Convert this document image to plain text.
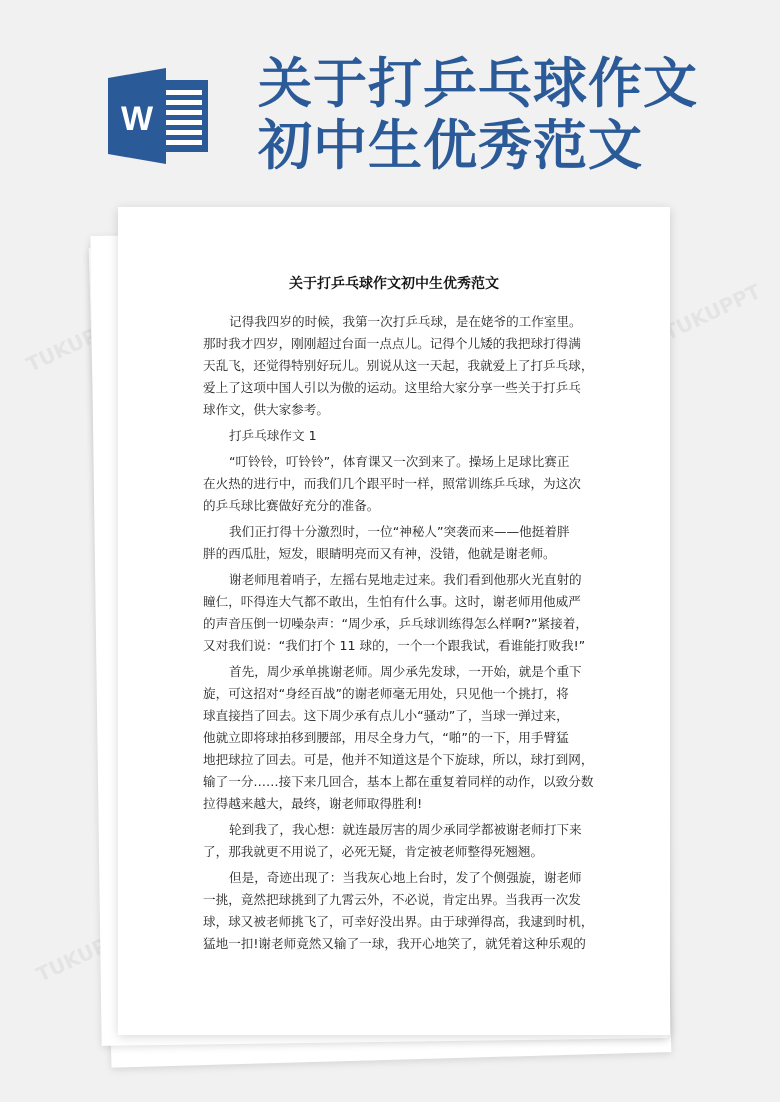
W
关于打乒乓球作文
初中生优秀范文
TUKUPPT
关于打乒乓球作文初中生优秀范文
记得我四岁的时候，我第一次打乒乓球，是在姥爷的工作室里。
那时我才四岁，刚刚超过台面一点点儿。记得个儿矮的我把球打得满
天乱飞，还觉得特别好玩儿。别说从这一天起，我就爱上了打乒乓球，
爱上了这项中国人引以为傲的运动。这里给大家分享一些关于打乒乓
球作文，供大家参考。
打乒乓球作文 1
“叮铃铃，叮铃铃”，体育课又一次到来了。操场上足球比赛正
在火热的进行中，而我们几个跟平时一样，照常训练乒乓球，为这次
的乒乓球比赛做好充分的准备。
我们正打得十分激烈时，一位“神秘人”突袭而来——他挺着胖
胖的西瓜肚，短发，眼睛明亮而又有神，没错，他就是谢老师。
谢老师甩着哨子，左摇右晃地走过来。我们看到他那火光直射的
瞳仁，吓得连大气都不敢出，生怕有什么事。这时，谢老师用他威严
的声音压倒一切噪杂声：“周少承，乒乓球训练得怎么样啊?”紧接着，
又对我们说：“我们打个 11 球的，一个一个跟我试，看谁能打败我!”
首先，周少承单挑谢老师。周少承先发球，一开始，就是个重下
旋，可这招对“身经百战”的谢老师毫无用处，只见他一个挑打，将
球直接挡了回去。这下周少承有点儿小“骚动”了，当球一弹过来，
他就立即将球拍移到腰部，用尽全身力气，“啪”的一下，用手臂猛
地把球拉了回去。可是，他并不知道这是个下旋球，所以，球打到网，
输了一分……接下来几回合，基本上都在重复着同样的动作，以致分数
拉得越来越大，最终，谢老师取得胜利!
轮到我了，我心想：就连最厉害的周少承同学都被谢老师打下来
了，那我就更不用说了，必死无疑，肯定被老师整得死翘翘。
但是，奇迹出现了：当我灰心地上台时，发了个侧强旋，谢老师
一挑，竟然把球挑到了九霄云外，不必说，肯定出界。当我再一次发
球，球又被老师挑飞了，可幸好没出界。由于球弹得高，我逮到时机，
猛地一扣!谢老师竟然又输了一球，我开心地笑了，就凭着这种乐观的
